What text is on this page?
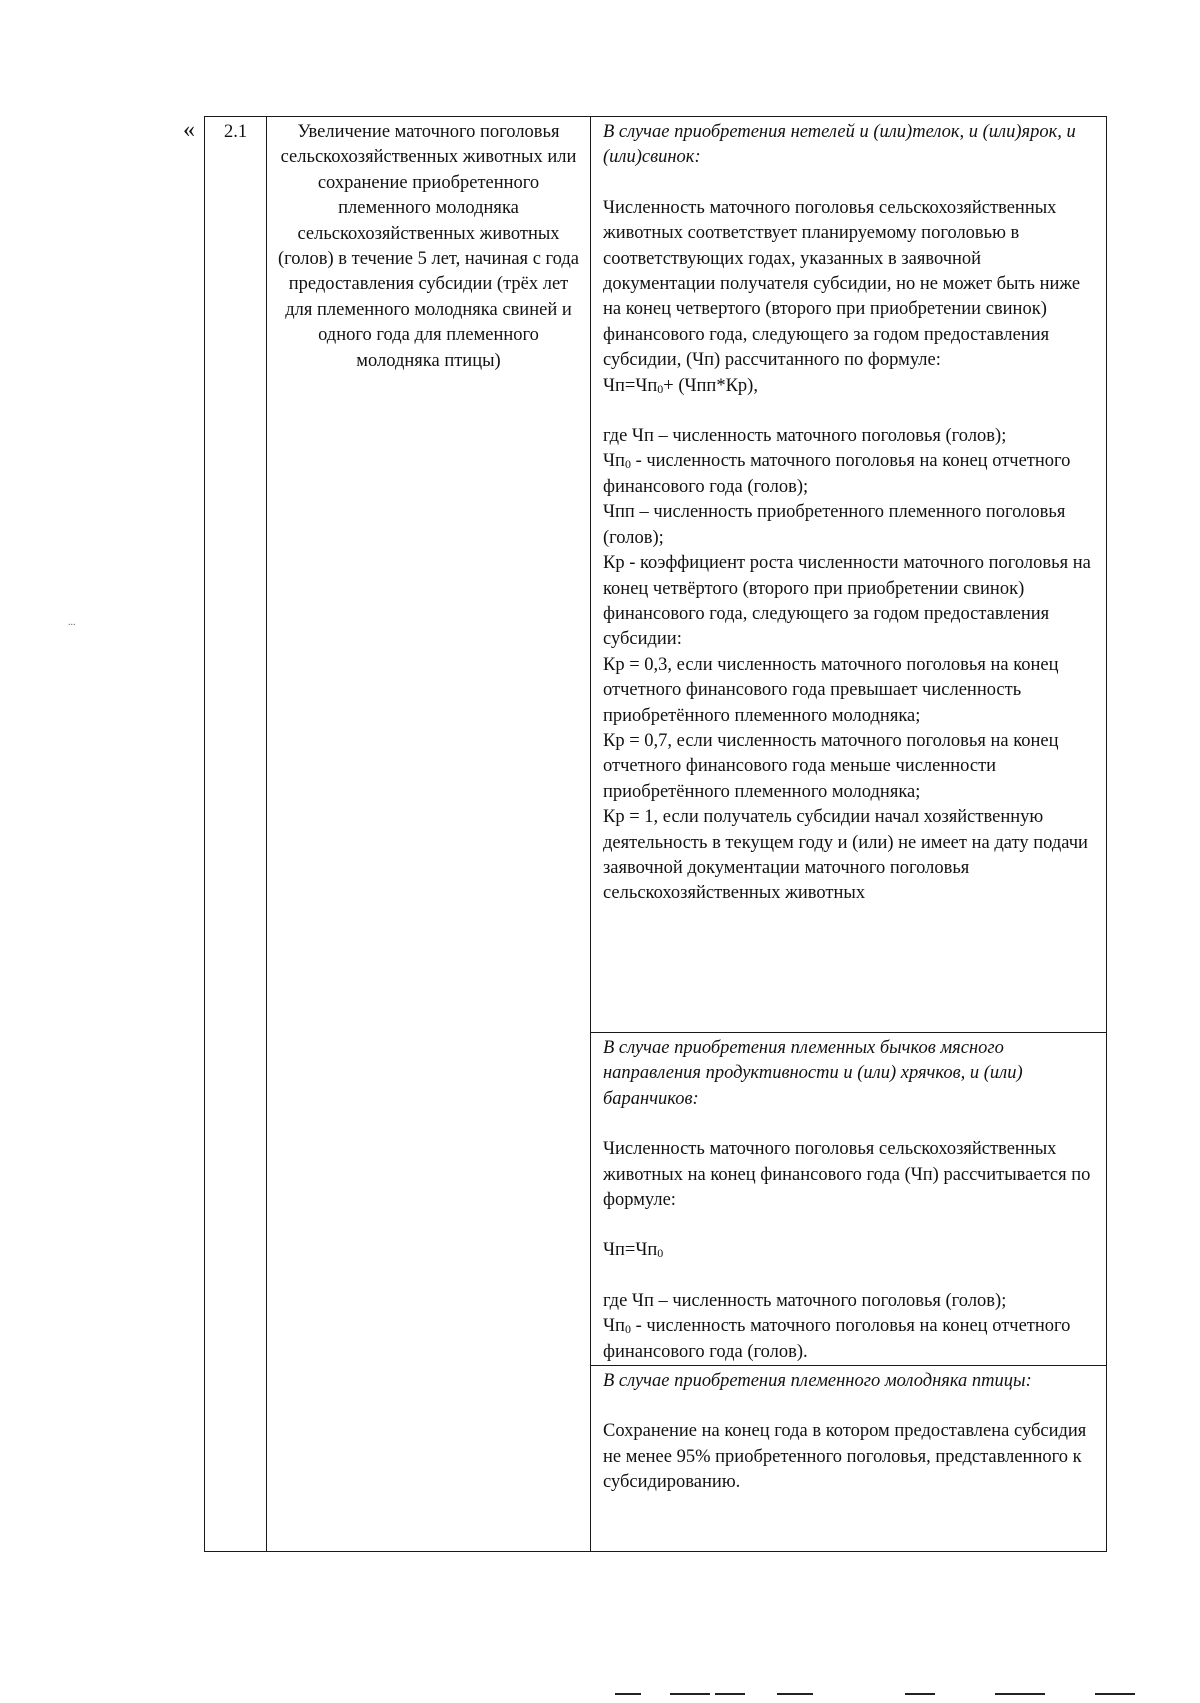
«
...
2.1	Увеличение маточного поголовья сельскохозяйственных животных или сохранение приобретенного племенного молодняка сельскохозяйственных животных (голов) в течение 5 лет, начиная с года предоставления субсидии (трёх лет для племенного молодняка свиней и одного года для племенного молодняка птицы)	

В случае приобретения нетелей и (или)телок, и (или)ярок, и (или)свинок:

Численность маточного поголовья сельскохозяйственных животных соответствует планируемому поголовью в соответствующих годах, указанных в заявочной документации получателя субсидии, но не может быть ниже на конец четвертого (второго при приобретении свинок) финансового года, следующего за годом предоставления субсидии, (Чп) рассчитанного по формуле:

$Чп=Чп_0+ (Чпп*Кр)$,

где Чп – численность маточного поголовья (голов);

$Чп_0$ - численность маточного поголовья на конец отчетного финансового года (голов);

Чпп – численность приобретенного племенного поголовья (голов);

Кр - коэффициент роста численности маточного поголовья на конец четвёртого (второго при приобретении свинок) финансового года, следующего за годом предоставления субсидии:

Кр = 0,3, если численность маточного поголовья на конец отчетного финансового года превышает численность приобретённого племенного молодняка;

Кр = 0,7, если численность маточного поголовья на конец отчетного финансового года меньше численности приобретённого племенного молодняка;

Кр = 1, если получатель субсидии начал хозяйственную деятельность в текущем году и (или) не имеет на дату подачи заявочной документации маточного поголовья сельскохозяйственных животных

В случае приобретения племенных бычков мясного направления продуктивности и (или) хрячков, и (или) баранчиков:

Численность маточного поголовья сельскохозяйственных животных на конец финансового года (Чп) рассчитывается по формуле:

$Чп=Чп_0$

где Чп – численность маточного поголовья (голов);

$Чп_0$ - численность маточного поголовья на конец отчетного финансового года (голов).

В случае приобретения племенного молодняка птицы:

Сохранение на конец года в котором предоставлена субсидия не менее 95% приобретенного поголовья, представленного к субсидированию.
